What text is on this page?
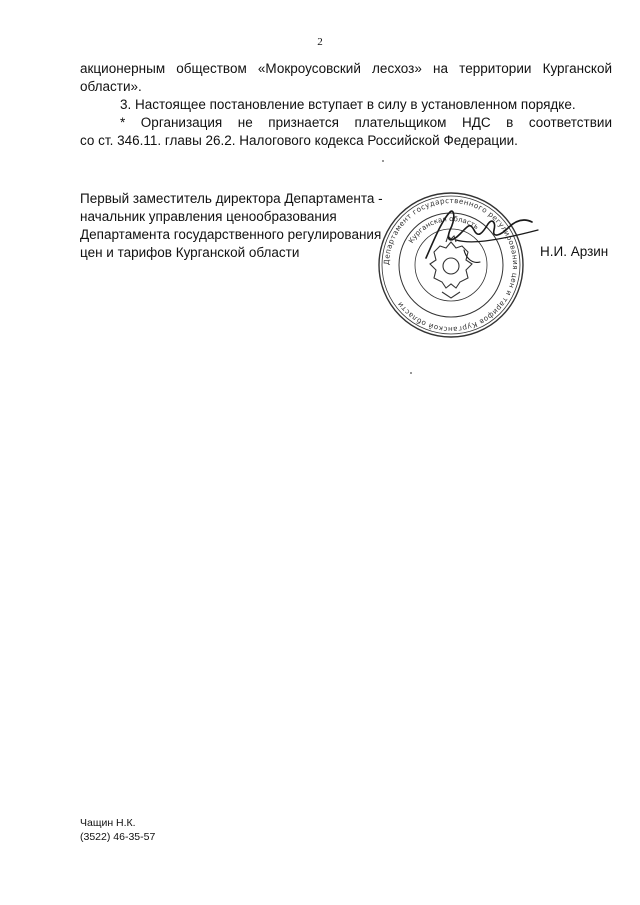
2
акционерным обществом «Мокроусовский лесхоз» на территории Курганской
области».
3. Настоящее постановление вступает в силу в установленном порядке.
* Организация не признается плательщиком НДС в соответствии
со ст. 346.11. главы 26.2. Налогового кодекса Российской Федерации.
Первый заместитель директора Департамента -
начальник управления ценообразования
Департамента государственного регулирования
цен и тарифов Курганской области
Департамент государственного регулирования цен и тарифов Курганской области
Курганская область
Н.И. Арзин
Чащин Н.К.
(3522) 46-35-57
